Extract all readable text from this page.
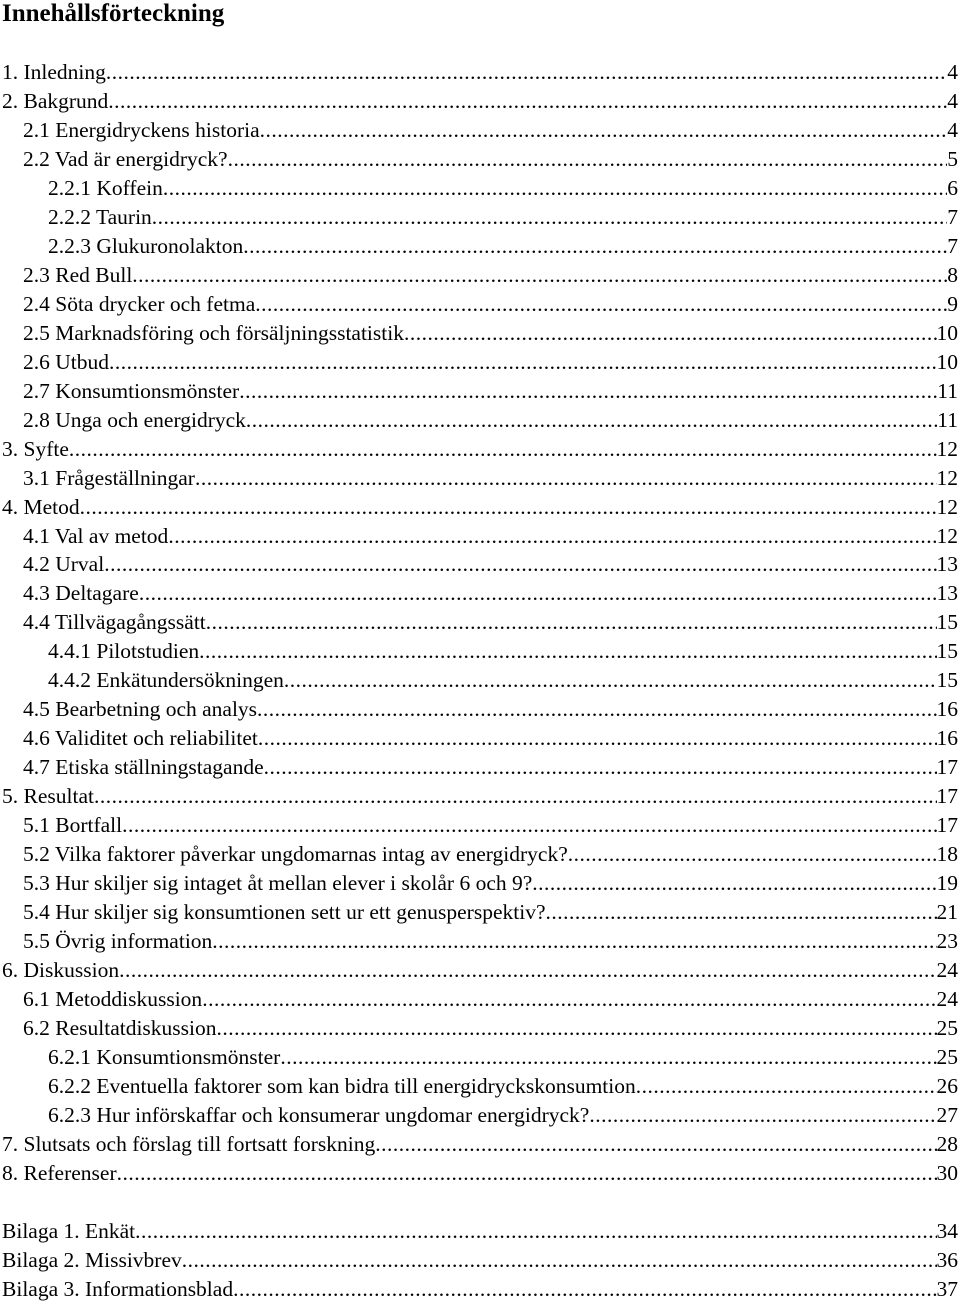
Innehållsförteckning
1. Inledning .....	4
2. Bakgrund .....	4
2.1 Energidryckens historia .....	4
2.2 Vad är energidryck? .....	5
2.2.1 Koffein .....	6
2.2.2 Taurin .....	7
2.2.3 Glukuronolakton .....	7
2.3 Red Bull .....	8
2.4 Söta drycker och fetma .....	9
2.5 Marknadsföring och försäljningsstatistik .....	10
2.6 Utbud .....	10
2.7 Konsumtionsmönster .....	11
2.8 Unga och energidryck .....	11
3. Syfte .....	12
3.1 Frågeställningar .....	12
4. Metod .....	12
4.1 Val av metod .....	12
4.2 Urval .....	13
4.3 Deltagare .....	13
4.4 Tillvägagångssätt .....	15
4.4.1 Pilotstudien .....	15
4.4.2 Enkätundersökningen .....	15
4.5 Bearbetning och analys .....	16
4.6 Validitet och reliabilitet .....	16
4.7 Etiska ställningstagande .....	17
5. Resultat .....	17
5.1 Bortfall .....	17
5.2 Vilka faktorer påverkar ungdomarnas intag av energidryck? .....	18
5.3 Hur skiljer sig intaget åt mellan elever i skolår 6 och 9? .....	19
5.4 Hur skiljer sig konsumtionen sett ur ett genusperspektiv? .....	21
5.5 Övrig information .....	23
6. Diskussion .....	24
6.1 Metoddiskussion .....	24
6.2 Resultatdiskussion .....	25
6.2.1 Konsumtionsmönster .....	25
6.2.2 Eventuella faktorer som kan bidra till energidryckskonsumtion .....	26
6.2.3 Hur införskaffar och konsumerar ungdomar energidryck? .....	27
7. Slutsats och förslag till fortsatt forskning .....	28
8. Referenser .....	30
Bilaga 1. Enkät .....	34
Bilaga 2. Missivbrev .....	36
Bilaga 3. Informationsblad .....	37
